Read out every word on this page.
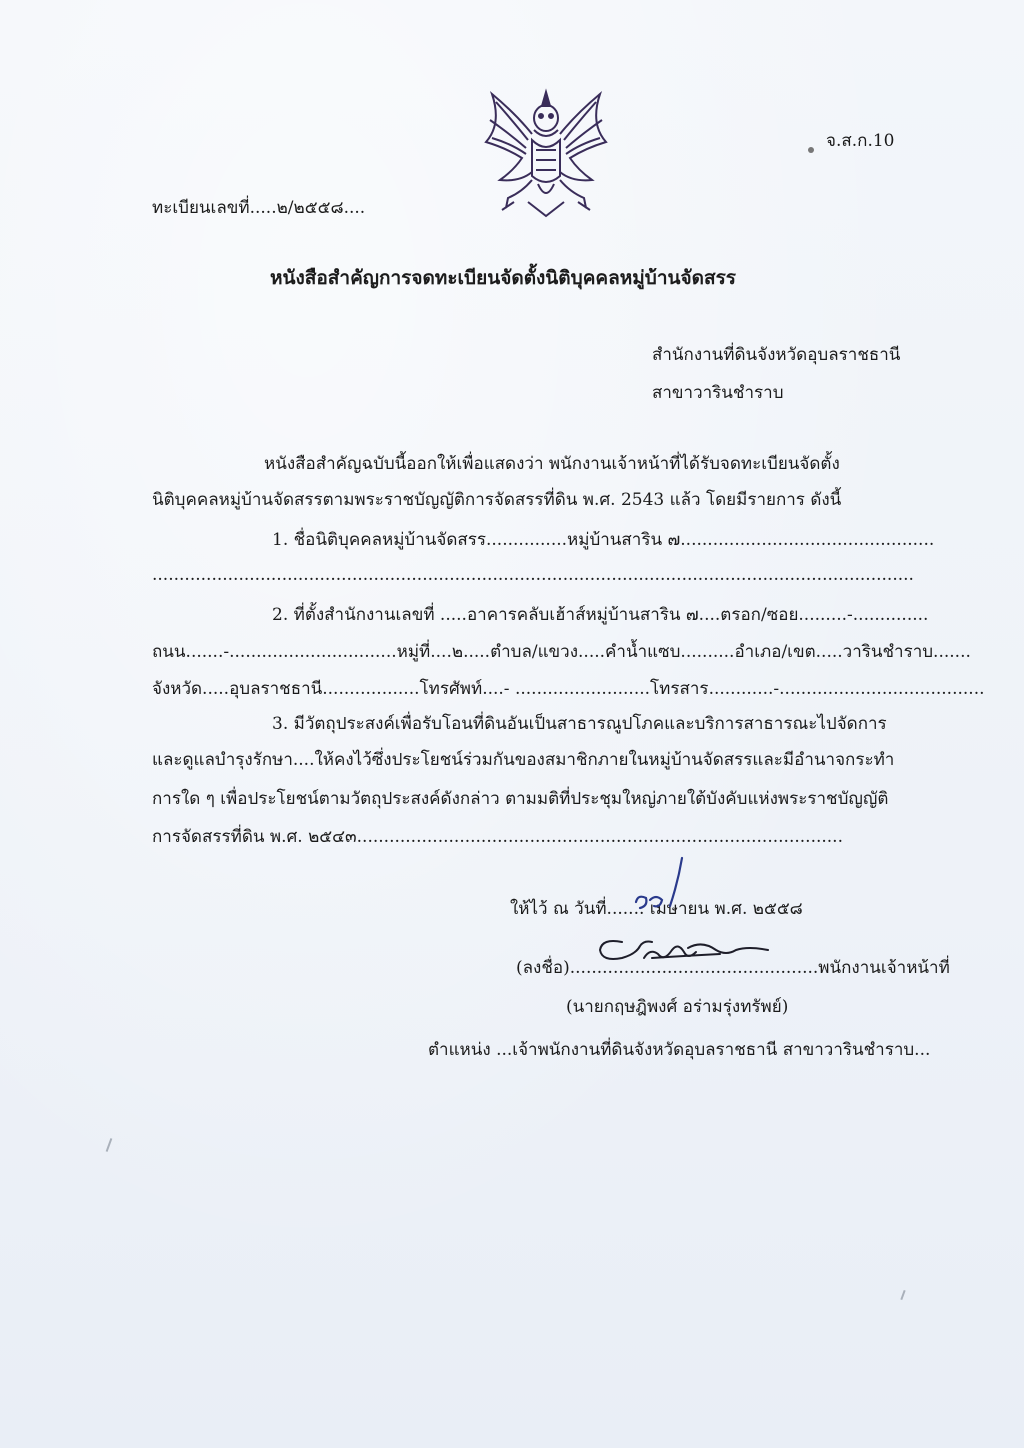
จ.ส.ก.10
ทะเบียนเลขที่.....๒/๒๕๕๘....
หนังสือสำคัญการจดทะเบียนจัดตั้งนิติบุคคลหมู่บ้านจัดสรร
สำนักงานที่ดินจังหวัดอุบลราชธานี
สาขาวารินชำราบ
หนังสือสำคัญฉบับนี้ออกให้เพื่อแสดงว่า พนักงานเจ้าหน้าที่ได้รับจดทะเบียนจัดตั้ง
นิติบุคคลหมู่บ้านจัดสรรตามพระราชบัญญัติการจัดสรรที่ดิน พ.ศ. 2543 แล้ว โดยมีรายการ ดังนี้
1. ชื่อนิติบุคคลหมู่บ้านจัดสรร...............หมู่บ้านสาริน ๗...............................................
.............................................................................................................................................
2. ที่ตั้งสำนักงานเลขที่ .....อาคารคลับเฮ้าส์หมู่บ้านสาริน ๗....ตรอก/ซอย.........-..............
ถนน.......-...............................หมู่ที่....๒.....ตำบล/แขวง.....คำน้ำแซบ..........อำเภอ/เขต.....วารินชำราบ.......
จังหวัด.....อุบลราชธานี..................โทรศัพท์....- .........................โทรสาร............-......................................
3. มีวัตถุประสงค์เพื่อรับโอนที่ดินอันเป็นสาธารณูปโภคและบริการสาธารณะไปจัดการ
และดูแลบำรุงรักษา....ให้คงไว้ซึ่งประโยชน์ร่วมกันของสมาชิกภายในหมู่บ้านจัดสรรและมีอำนาจกระทำ
การใด ๆ เพื่อประโยชน์ตามวัตถุประสงค์ดังกล่าว ตามมติที่ประชุมใหญ่ภายใต้บังคับแห่งพระราชบัญญัติ
การจัดสรรที่ดิน พ.ศ. ๒๕๔๓..........................................................................................
ให้ไว้ ณ วันที่....... เมษายน พ.ศ. ๒๕๕๘
(ลงชื่อ)..............................................พนักงานเจ้าหน้าที่
(นายกฤษฎิพงศ์ อร่ามรุ่งทรัพย์)
ตำแหน่ง ...เจ้าพนักงานที่ดินจังหวัดอุบลราชธานี สาขาวารินชำราบ...
